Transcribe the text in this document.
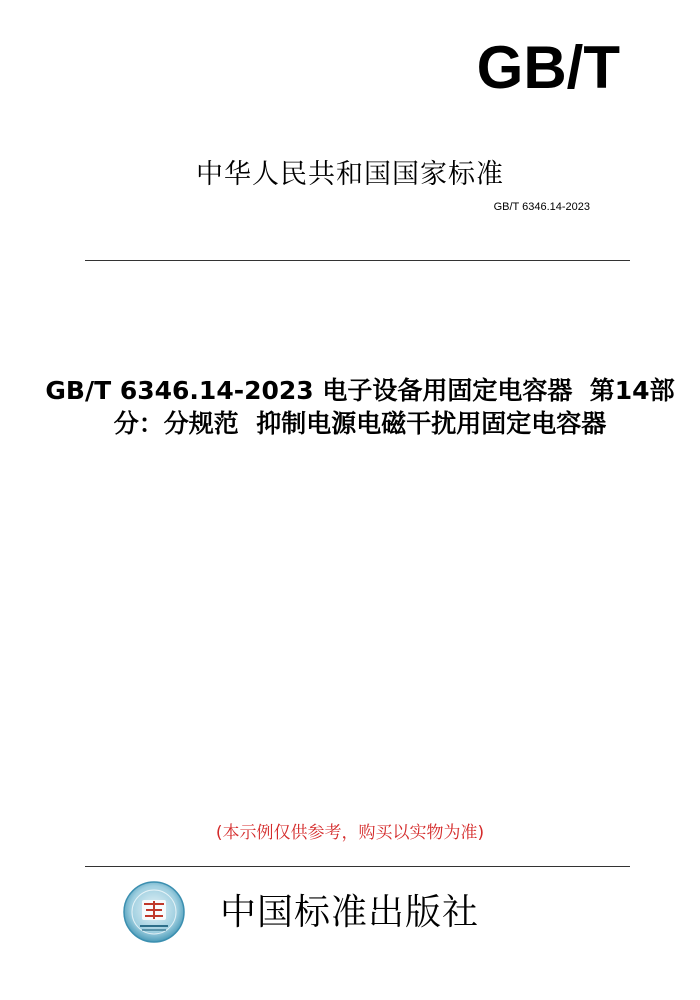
GB/T
中华人民共和国国家标准
GB/T 6346.14-2023
GB/T 6346.14-2023 电子设备用固定电容器  第14部分：分规范  抑制电源电磁干扰用固定电容器
(本示例仅供参考，购买以实物为准)
中国标准出版社
